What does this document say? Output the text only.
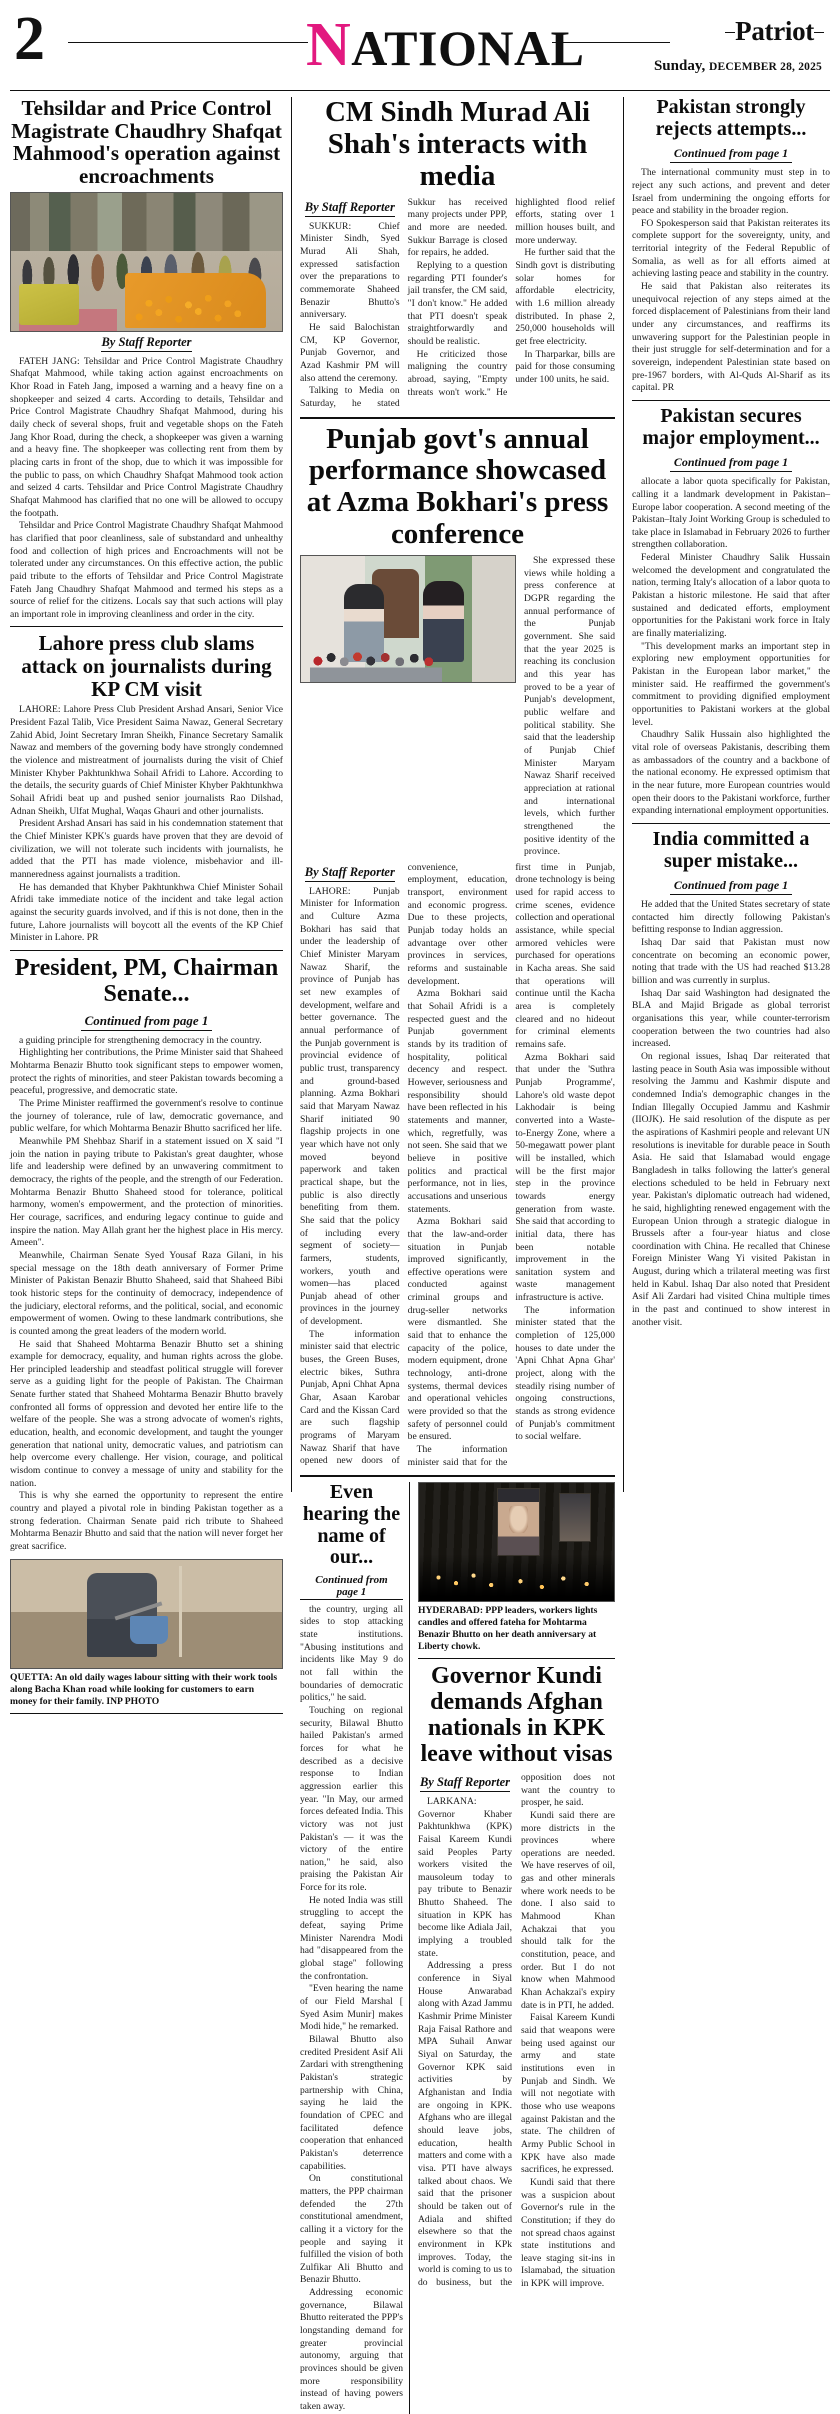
2	NATIONAL	Patriot
Sunday, DECEMBER 28, 2025
Tehsildar and Price Control Magistrate Chaudhry Shafqat Mahmood's operation against encroachments
By Staff Reporter

FATEH JANG: Tehsildar and Price Control Magistrate Chaudhry Shafqat Mahmood, while taking action against encroachments on Khor Road in Fateh Jang, imposed a warning and a heavy fine on a shopkeeper and seized 4 carts. According to details, Tehsildar and Price Control Magistrate Chaudhry Shafqat Mahmood, during his daily check of several shops, fruit and vegetable shops on the Fateh Jang Khor Road, during the check, a shopkeeper was given a warning and a heavy fine. The shopkeeper was collecting rent from them by placing carts in front of the shop, due to which it was impossible for the public to pass, on which Chaudhry Shafqat Mahmood took action and seized 4 carts. Tehsildar and Price Control Magistrate Chaudhry Shafqat Mahmood has clarified that no one will be allowed to occupy the footpath.

Tehsildar and Price Control Magistrate Chaudhry Shafqat Mahmood has clarified that poor cleanliness, sale of substandard and unhealthy food and collection of high prices and Encroachments will not be tolerated under any circumstances. On this effective action, the public paid tribute to the efforts of Tehsildar and Price Control Magistrate Fateh Jang Chaudhry Shafqat Mahmood and termed his steps as a source of relief for the citizens. Locals say that such actions will play an important role in improving cleanliness and order in the city.

Lahore press club slams attack on journalists during KP CM visit

LAHORE: Lahore Press Club President Arshad Ansari, Senior Vice President Fazal Talib, Vice President Saima Nawaz, General Secretary Zahid Abid, Joint Secretary Imran Sheikh, Finance Secretary Samalik Nawaz and members of the governing body have strongly condemned the violence and mistreatment of journalists during the visit of Chief Minister Khyber Pakhtunkhwa Sohail Afridi to Lahore. According to the details, the security guards of Chief Minister Khyber Pakhtunkhwa Sohail Afridi beat up and pushed senior journalists Rao Dilshad, Adnan Sheikh, Ulfat Mughal, Waqas Ghauri and other journalists.

President Arshad Ansari has said in his condemnation statement that the Chief Minister KPK's guards have proven that they are devoid of civilization, we will not tolerate such incidents with journalists, he added that the PTI has made violence, misbehavior and ill-manneredness against journalists a tradition.

He has demanded that Khyber Pakhtunkhwa Chief Minister Sohail Afridi take immediate notice of the incident and take legal action against the security guards involved, and if this is not done, then in the future, Lahore journalists will boycott all the events of the KP Chief Minister in Lahore. PR

President, PM, Chairman Senate...
Continued from page 1

a guiding principle for strengthening democracy in the country.

Highlighting her contributions, the Prime Minister said that Shaheed Mohtarma Benazir Bhutto took significant steps to empower women, protect the rights of minorities, and steer Pakistan towards becoming a peaceful, progressive, and democratic state.

The Prime Minister reaffirmed the government's resolve to continue the journey of tolerance, rule of law, democratic governance, and public welfare, for which Mohtarma Benazir Bhutto sacrificed her life.

Meanwhile PM Shehbaz Sharif in a statement issued on X said "I join the nation in paying tribute to Pakistan's great daughter, whose life and leadership were defined by an unwavering commitment to democracy, the rights of the people, and the strength of our Federation. Mohtarma Benazir Bhutto Shaheed stood for tolerance, political harmony, women's empowerment, and the protection of minorities. Her courage, sacrifices, and enduring legacy continue to guide and inspire the nation. May Allah grant her the highest place in His mercy. Ameen".

Meanwhile, Chairman Senate Syed Yousaf Raza Gilani, in his special message on the 18th death anniversary of Former Prime Minister of Pakistan Benazir Bhutto Shaheed, said that Shaheed Bibi took historic steps for the continuity of democracy, independence of the judiciary, electoral reforms, and the political, social, and economic empowerment of women. Owing to these landmark contributions, she is counted among the great leaders of the modern world.

He said that Shaheed Mohtarma Benazir Bhutto set a shining example for democracy, equality, and human rights across the globe. Her principled leadership and steadfast political struggle will forever serve as a guiding light for the people of Pakistan. The Chairman Senate further stated that Shaheed Mohtarma Benazir Bhutto bravely confronted all forms of oppression and devoted her entire life to the welfare of the people. She was a strong advocate of women's rights, education, health, and economic development, and taught the younger generation that national unity, democratic values, and patriotism can help overcome every challenge. Her vision, courage, and political wisdom continue to convey a message of unity and stability for the nation.

This is why she earned the opportunity to represent the entire country and played a pivotal role in binding Pakistan together as a strong federation. Chairman Senate paid rich tribute to Shaheed Mohtarma Benazir Bhutto and said that the nation will never forget her great sacrifice.

QUETTA: An old daily wages labour sitting with their work tools along Bacha Khan road while looking for customers to earn money for their family. INP PHOTO
CM Sindh Murad Ali Shah's interacts with media
By Staff Reporter

SUKKUR: Chief Minister Sindh, Syed Murad Ali Shah, expressed satisfaction over the preparations to commemorate Shaheed Benazir Bhutto's anniversary.

He said Balochistan CM, KP Governor, Punjab Governor, and Azad Kashmir PM will also attend the ceremony.

Talking to Media on Saturday, he stated Sukkur has received many projects under PPP, and more are needed. Sukkur Barrage is closed for repairs, he added.

Replying to a question regarding PTI founder's jail transfer, the CM said, "I don't know." He added that PTI doesn't speak straightforwardly and should be realistic.

He criticized those maligning the country abroad, saying, "Empty threats won't work." He highlighted flood relief efforts, stating over 1 million houses built, and more underway.

He further said that the Sindh govt is distributing solar homes for affordable electricity, with 1.6 million already distributed. In phase 2, 250,000 households will get free electricity.

In Tharparkar, bills are paid for those consuming under 100 units, he said.

Punjab govt's annual performance showcased at Azma Bokhari's press conference

She expressed these views while holding a press conference at DGPR regarding the annual performance of the Punjab government. She said that the year 2025 is reaching its conclusion and this year has proved to be a year of Punjab's development, public welfare and political stability. She said that the leadership of Punjab Chief Minister Maryam Nawaz Sharif received appreciation at rational and international levels, which further strengthened the positive identity of the province.

By Staff Reporter

LAHORE: Punjab Minister for Information and Culture Azma Bokhari has said that under the leadership of Chief Minister Maryam Nawaz Sharif, the province of Punjab has set new examples of development, welfare and better governance. The annual performance of the Punjab government is provincial evidence of public trust, transparency and ground-based planning. Azma Bokhari said that Maryam Nawaz Sharif initiated 90 flagship projects in one year which have not only moved beyond paperwork and taken practical shape, but the public is also directly benefiting from them. She said that the policy of including every segment of society—farmers, students, workers, youth and women—has placed Punjab ahead of other provinces in the journey of development.

The information minister said that electric buses, the Green Buses, electric bikes, Suthra Punjab, Apni Chhat Apna Ghar, Asaan Karobar Card and the Kissan Card are such flagship programs of Maryam Nawaz Sharif that have opened new doors of convenience, employment, education, transport, environment and economic progress. Due to these projects, Punjab today holds an advantage over other provinces in services, reforms and sustainable development.

Azma Bokhari said that Sohail Afridi is a respected guest and the Punjab government stands by its tradition of hospitality, political decency and respect. However, seriousness and responsibility should have been reflected in his statements and manner, which, regretfully, was not seen. She said that we believe in positive politics and practical performance, not in lies, accusations and unserious statements.

Azma Bokhari said that the law-and-order situation in Punjab improved significantly, effective operations were conducted against criminal groups and drug-seller networks were dismantled. She said that to enhance the capacity of the police, modern equipment, drone technology, anti-drone systems, thermal devices and operational vehicles were provided so that the safety of personnel could be ensured.

The information minister said that for the first time in Punjab, drone technology is being used for rapid access to crime scenes, evidence collection and operational assistance, while special armored vehicles were purchased for operations in Kacha areas. She said that operations will continue until the Kacha area is completely cleared and no hideout for criminal elements remains safe.

Azma Bokhari said that under the 'Suthra Punjab Programme', Lahore's old waste depot Lakhodair is being converted into a Waste-to-Energy Zone, where a 50-megawatt power plant will be installed, which will be the first major step in the province towards energy generation from waste. She said that according to initial data, there has been notable improvement in the sanitation system and waste management infrastructure is active.

The information minister stated that the completion of 125,000 houses to date under the 'Apni Chhat Apna Ghar' project, along with the steadily rising number of ongoing constructions, stands as strong evidence of Punjab's commitment to social welfare.

Even hearing the name of our...
Continued from page 1

the country, urging all sides to stop attacking state institutions. "Abusing institutions and incidents like May 9 do not fall within the boundaries of democratic politics," he said.

Touching on regional security, Bilawal Bhutto hailed Pakistan's armed forces for what he described as a decisive response to Indian aggression earlier this year. "In May, our armed forces defeated India. This victory was not just Pakistan's — it was the victory of the entire nation," he said, also praising the Pakistan Air Force for its role.

He noted India was still struggling to accept the defeat, saying Prime Minister Narendra Modi had "disappeared from the global stage" following the confrontation.

"Even hearing the name of our Field Marshal [ Syed Asim Munir] makes Modi hide," he remarked.

Bilawal Bhutto also credited President Asif Ali Zardari with strengthening Pakistan's strategic partnership with China, saying he laid the foundation of CPEC and facilitated defence cooperation that enhanced Pakistan's deterrence capabilities.

On constitutional matters, the PPP chairman defended the 27th constitutional amendment, calling it a victory for the people and saying it fulfilled the vision of both Zulfikar Ali Bhutto and Benazir Bhutto.

Addressing economic governance, Bilawal Bhutto reiterated the PPP's longstanding demand for greater provincial autonomy, arguing that provinces should be given more responsibility instead of having powers taken away.

HYDERABAD: PPP leaders, workers lights candles and offered fateha for Mohtarma Benazir Bhutto on her death anniversary at Liberty chowk.
Governor Kundi demands Afghan nationals in KPK leave without visas
By Staff Reporter

LARKANA: Governor Khaber Pakhtunkhwa (KPK) Faisal Kareem Kundi said Peoples Party workers visited the mausoleum today to pay tribute to Benazir Bhutto Shaheed. The situation in KPK has become like Adiala Jail, implying a troubled state.

Addressing a press conference in Siyal House Anwarabad along with Azad Jammu Kashmir Prime Minister Raja Faisal Rathore and MPA Suhail Anwar Siyal on Saturday, the Governor KPK said activities by Afghanistan and India are ongoing in KPK. Afghans who are illegal should leave jobs, education, health matters and come with a visa. PTI have always talked about chaos. We said that the prisoner should be taken out of Adiala and shifted elsewhere so that the environment in KPk improves. Today, the world is coming to us to do business, but the opposition does not want the country to prosper, he said.

Kundi said there are more districts in the provinces where operations are needed. We have reserves of oil, gas and other minerals where work needs to be done. I also said to Mahmood Khan Achakzai that you should talk for the constitution, peace, and order. But I do not know when Mahmood Khan Achakzai's expiry date is in PTI, he added.

Faisal Kareem Kundi said that weapons were being used against our army and state institutions even in Punjab and Sindh. We will not negotiate with those who use weapons against Pakistan and the state. The children of Army Public School in KPK have also made sacrifices, he expressed.

Kundi said that there was a suspicion about Governor's rule in the Constitution; if they do not spread chaos against state institutions and leave staging sit-ins in Islamabad, the situation in KPK will improve.

Pakistan strongly rejects attempts...
Continued from page 1

The international community must step in to reject any such actions, and prevent and deter Israel from undermining the ongoing efforts for peace and stability in the broader region.

FO Spokesperson said that Pakistan reiterates its complete support for the sovereignty, unity, and territorial integrity of the Federal Republic of Somalia, as well as for all efforts aimed at achieving lasting peace and stability in the country.

He said that Pakistan also reiterates its unequivocal rejection of any steps aimed at the forced displacement of Palestinians from their land under any circumstances, and reaffirms its unwavering support for the Palestinian people in their just struggle for self-determination and for a sovereign, independent Palestinian state based on pre-1967 borders, with Al-Quds Al-Sharif as its capital. PR

Pakistan secures major employment...
Continued from page 1

allocate a labor quota specifically for Pakistan, calling it a landmark development in Pakistan–Europe labor cooperation. A second meeting of the Pakistan–Italy Joint Working Group is scheduled to take place in Islamabad in February 2026 to further strengthen collaboration.

Federal Minister Chaudhry Salik Hussain welcomed the development and congratulated the nation, terming Italy's allocation of a labor quota to Pakistan a historic milestone. He said that after sustained and dedicated efforts, employment opportunities for the Pakistani work force in Italy are finally materializing.

"This development marks an important step in exploring new employment opportunities for Pakistan in the European labor market," the minister said. He reaffirmed the government's commitment to providing dignified employment opportunities to Pakistani workers at the global level.

Chaudhry Salik Hussain also highlighted the vital role of overseas Pakistanis, describing them as ambassadors of the country and a backbone of the national economy. He expressed optimism that in the near future, more European countries would open their doors to the Pakistani workforce, further expanding international employment opportunities.

India committed a super mistake...
Continued from page 1

He added that the United States secretary of state contacted him directly following Pakistan's befitting response to Indian aggression.

Ishaq Dar said that Pakistan must now concentrate on becoming an economic power, noting that trade with the US had reached $13.28 billion and was currently in surplus.

Ishaq Dar said Washington had designated the BLA and Majid Brigade as global terrorist organisations this year, while counter-terrorism cooperation between the two countries had also increased.

On regional issues, Ishaq Dar reiterated that lasting peace in South Asia was impossible without resolving the Jammu and Kashmir dispute and condemned India's demographic changes in the Indian Illegally Occupied Jammu and Kashmir (IIOJK). He said resolution of the dispute as per the aspirations of Kashmiri people and relevant UN resolutions is inevitable for durable peace in South Asia. He said that Islamabad would engage Bangladesh in talks following the latter's general elections scheduled to be held in February next year. Pakistan's diplomatic outreach had widened, he said, highlighting renewed engagement with the European Union through a strategic dialogue in Brussels after a four-year hiatus and close coordination with China. He recalled that Chinese Foreign Minister Wang Yi visited Pakistan in August, during which a trilateral meeting was first held in Kabul. Ishaq Dar also noted that President Asif Ali Zardari had visited China multiple times in the past and continued to show interest in another visit.
